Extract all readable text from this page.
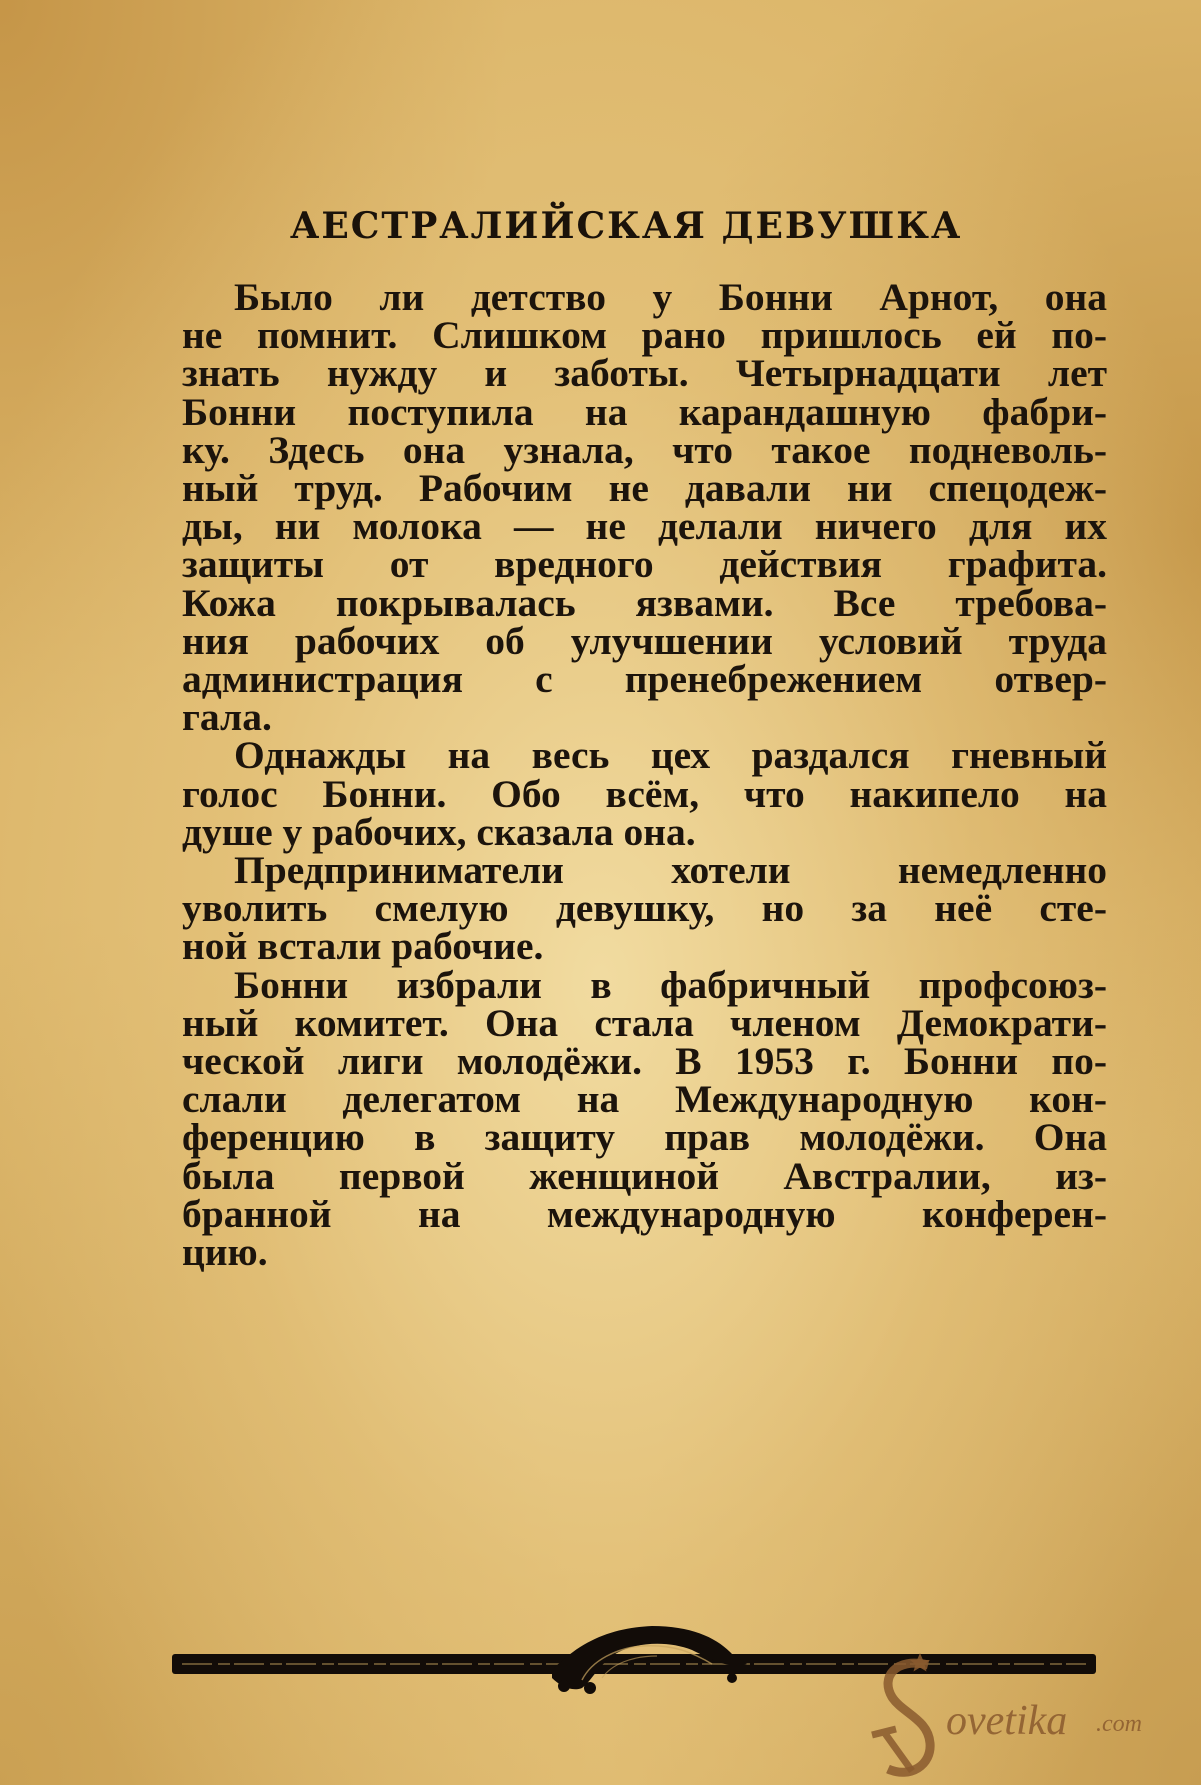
АЕСТРАЛИЙСКАЯ ДЕВУШКА
Было ли детство у Бонни Арнот, она
не помнит. Слишком рано пришлось ей по-
знать нужду и заботы. Четырнадцати лет
Бонни поступила на карандашную фабри-
ку. Здесь она узнала, что такое подневоль-
ный труд. Рабочим не давали ни спецодеж-
ды, ни молока — не делали ничего для их
защиты от вредного действия графита.
Кожа покрывалась язвами. Все требова-
ния рабочих об улучшении условий труда
администрация с пренебрежением отвер-
гала.
Однажды на весь цех раздался гневный
голос Бонни. Обо всём, что накипело на
душе у рабочих, сказала она.
Предприниматели хотели немедленно
уволить смелую девушку, но за неё сте-
ной встали рабочие.
Бонни избрали в фабричный профсоюз-
ный комитет. Она стала членом Демократи-
ческой лиги молодёжи. В 1953 г. Бонни по-
слали делегатом на Международную кон-
ференцию в защиту прав молодёжи. Она
была первой женщиной Австралии, из-
бранной на международную конферен-
цию.
ovetika .com
